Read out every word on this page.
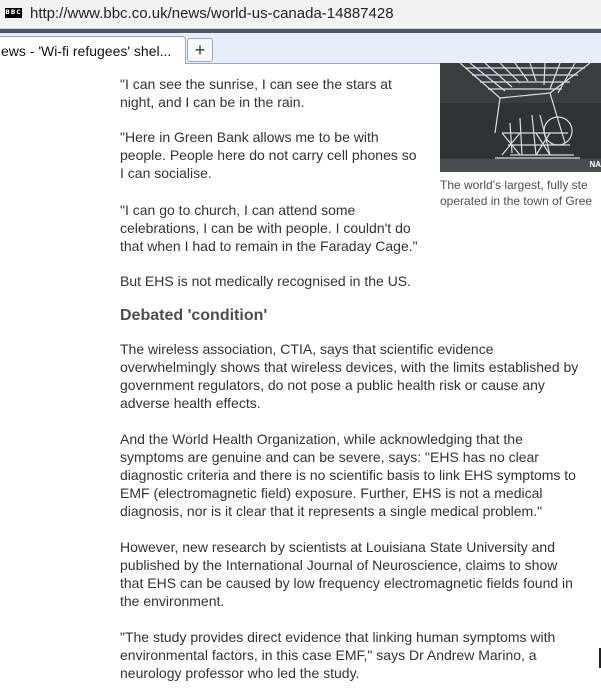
BBC http://www.bbc.co.uk/news/world-us-canada-14887428
ews - 'Wi-fi refugees' shel...	+
NA
The world's largest, fully ste
operated in the town of Gree

"I can see the sunrise, I can see the stars at
night, and I can be in the rain.

"Here in Green Bank allows me to be with
people. People here do not carry cell phones so
I can socialise.

"I can go to church, I can attend some
celebrations, I can be with people. I couldn't do
that when I had to remain in the Faraday Cage."

But EHS is not medically recognised in the US.

Debated 'condition'

The wireless association, CTIA, says that scientific evidence
overwhelmingly shows that wireless devices, with the limits established by
government regulators, do not pose a public health risk or cause any
adverse health effects.

And the World Health Organization, while acknowledging that the
symptoms are genuine and can be severe, says: "EHS has no clear
diagnostic criteria and there is no scientific basis to link EHS symptoms to
EMF (electromagnetic field) exposure. Further, EHS is not a medical
diagnosis, nor is it clear that it represents a single medical problem."

However, new research by scientists at Louisiana State University and
published by the International Journal of Neuroscience, claims to show
that EHS can be caused by low frequency electromagnetic fields found in
the environment.

"The study provides direct evidence that linking human symptoms with
environmental factors, in this case EMF," says Dr Andrew Marino, a
neurology professor who led the study.
